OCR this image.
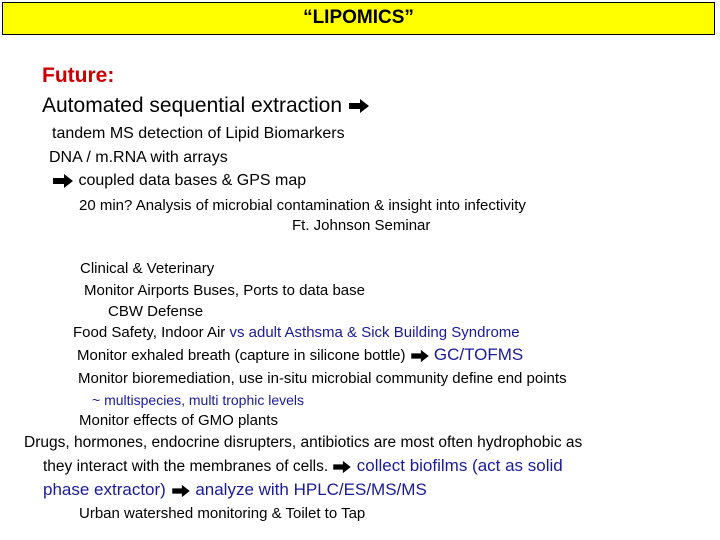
“LIPOMICS”
Future:
Automated sequential extraction
tandem MS detection of Lipid Biomarkers
DNA / m.RNA with arrays
coupled data bases & GPS map
20 min? Analysis of microbial contamination & insight into infectivity
Ft. Johnson Seminar
Clinical & Veterinary
Monitor Airports Buses, Ports to data base
CBW Defense
Food Safety, Indoor Air vs adult Asthsma & Sick Building Syndrome
Monitor exhaled breath (capture in silicone bottle) GC/TOFMS
Monitor bioremediation, use in-situ microbial community define end points
~ multispecies, multi trophic levels
Monitor effects of GMO plants
Drugs, hormones, endocrine disrupters, antibiotics are most often hydrophobic as
they interact with the membranes of cells. collect biofilms (act as solid
phase extractor) analyze with HPLC/ES/MS/MS
Urban watershed monitoring & Toilet to Tap
